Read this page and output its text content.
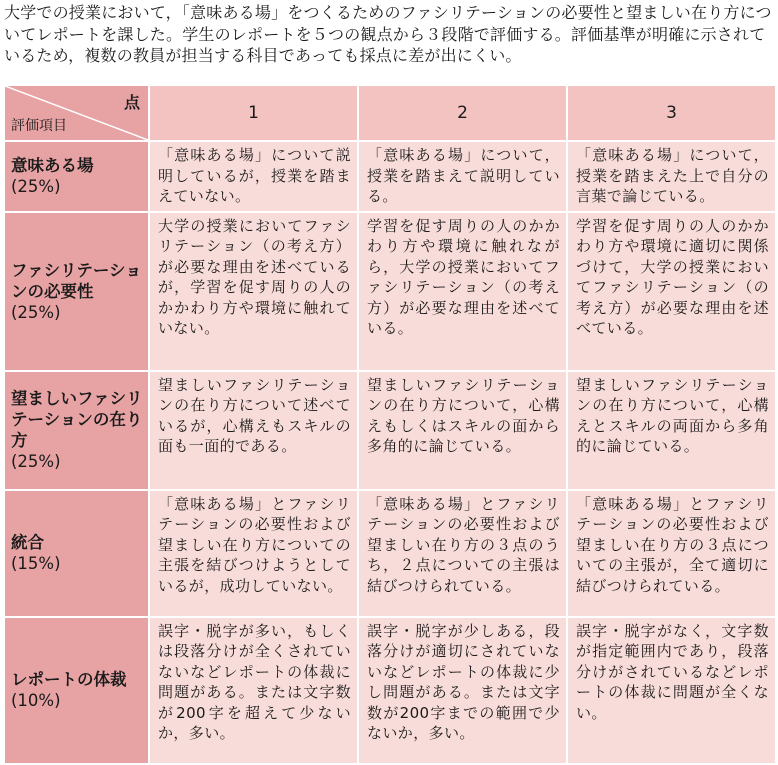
大学での授業において，「意味ある場」をつくるためのファシリテーションの必要性と望ましい在り方についてレポートを課した。学生のレポートを５つの観点から３段階で評価する。評価基準が明確に示されているため，複数の教員が担当する科目であっても採点に差が出にくい。

点
評価項目	1	2	3
意味ある場
(25%)	「意味ある場」について説明しているが，授業を踏まえていない。	「意味ある場」について，授業を踏まえて説明している。	「意味ある場」について，授業を踏まえた上で自分の言葉で論じている。
ファシリテーションの必要性
(25%)	大学の授業においてファシリテーション（の考え方）が必要な理由を述べているが，学習を促す周りの人のかかわり方や環境に触れていない。	学習を促す周りの人のかかわり方や環境に触れながら，大学の授業においてファシリテーション（の考え方）が必要な理由を述べている。	学習を促す周りの人のかかわり方や環境に適切に関係づけて，大学の授業においてファシリテーション（の考え方）が必要な理由を述べている。
望ましいファシリテーションの在り方
(25%)	望ましいファシリテーションの在り方について述べているが，心構えもスキルの面も一面的である。	望ましいファシリテーションの在り方について，心構えもしくはスキルの面から多角的に論じている。	望ましいファシリテーションの在り方について，心構えとスキルの両面から多角的に論じている。
統合
(15%)	「意味ある場」とファシリテーションの必要性および望ましい在り方についての主張を結びつけようとしているが，成功していない。	「意味ある場」とファシリテーションの必要性および望ましい在り方の３点のうち，２点についての主張は結びつけられている。	「意味ある場」とファシリテーションの必要性および望ましい在り方の３点についての主張が，全て適切に結びつけられている。
レポートの体裁
(10%)	誤字・脱字が多い，もしくは段落分けが全くされていないなどレポートの体裁に問題がある。または文字数が200字を超えて少ないか，多い。	誤字・脱字が少しある，段落分けが適切にされていないなどレポートの体裁に少し問題がある。または文字数が200字までの範囲で少ないか，多い。	誤字・脱字がなく，文字数が指定範囲内であり，段落分けがされているなどレポートの体裁に問題が全くない。
